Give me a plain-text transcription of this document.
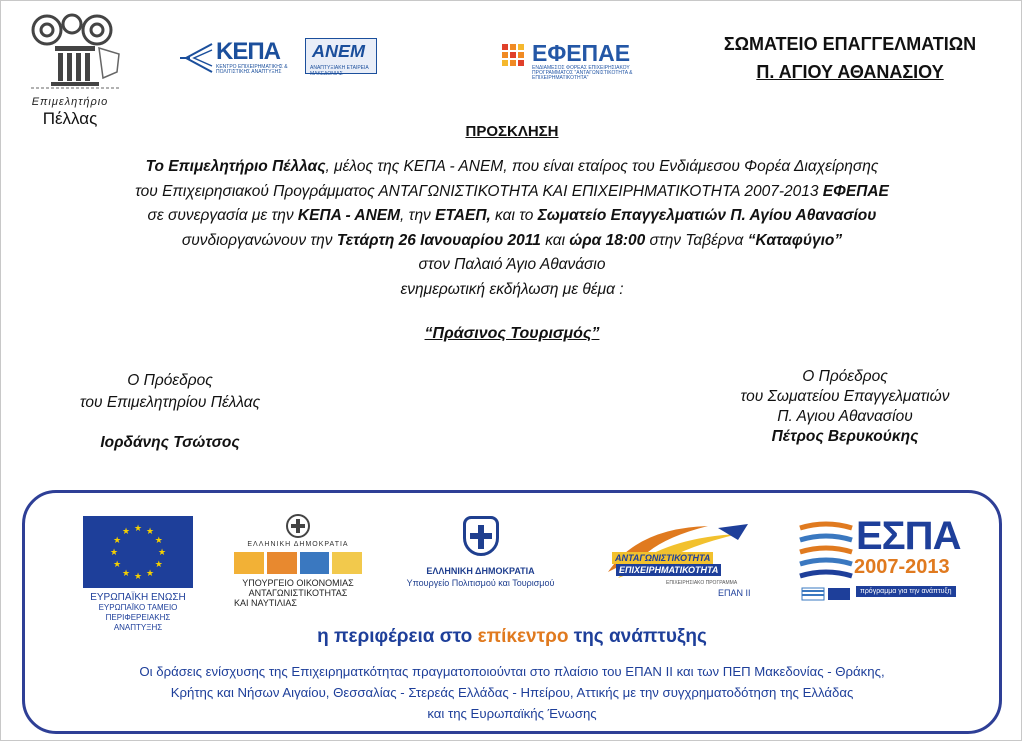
Επιμελητήριο
Πέλλας
ΚΕΠΑ
ΚΕΝΤΡΟ ΕΠΙΧΕΙΡΗΜΑΤΙΚΗΣ & ΠΟΛΙΤΙΣΤΙΚΗΣ ΑΝΑΠΤΥΞΗΣ
ΑΝΕΜ
ΑΝΑΠΤΥΞΙΑΚΗ ΕΤΑΙΡΕΙΑ ΜΑΚΕΔΟΝΙΑΣ
ΕΦΕΠΑΕ
ΕΝΔΙΑΜΕΣΟΣ ΦΟΡΕΑΣ ΕΠΙΧΕΙΡΗΣΙΑΚΟΥ ΠΡΟΓΡΑΜΜΑΤΟΣ "ΑΝΤΑΓΩΝΙΣΤΙΚΟΤΗΤΑ & ΕΠΙΧΕΙΡΗΜΑΤΙΚΟΤΗΤΑ"
ΣΩΜΑΤΕΙΟ ΕΠΑΓΓΕΛΜΑΤΙΩΝ
Π. ΑΓΙΟΥ ΑΘΑΝΑΣΙΟΥ
ΠΡΟΣΚΛΗΣΗ
Το Επιμελητήριο Πέλλας, μέλος της ΚΕΠΑ - ΑΝΕΜ, που είναι εταίρος του Ενδιάμεσου Φορέα Διαχείρησης
του Επιχειρησιακού Προγράμματος ΑΝΤΑΓΩΝΙΣΤΙΚΟΤΗΤΑ ΚΑΙ ΕΠΙΧΕΙΡΗΜΑΤΙΚΟΤΗΤΑ 2007-2013 ΕΦΕΠΑΕ
σε συνεργασία με την ΚΕΠΑ - ΑΝΕΜ, την ΕΤΑΕΠ, και το Σωματείο Επαγγελματιών Π. Αγίου Αθανασίου
συνδιοργανώνουν την Τετάρτη 26 Ιανουαρίου 2011 και ώρα 18:00 στην Ταβέρνα “Καταφύγιο”
στον Παλαιό Άγιο Αθανάσιο
ενημερωτική εκδήλωση με θέμα :
“Πράσινος Τουρισμός”
Ο Πρόεδρος
του Επιμελητηρίου Πέλλας
Ιορδάνης Τσώτσος
Ο Πρόεδρος
του Σωματείου Επαγγελματιών
Π. Αγιου Αθανασίου
Πέτρος Βερυκούκης
★ ★
★
★
★
★
★
★
★
★
★
★
ΕΥΡΩΠΑΪΚΗ ΕΝΩΣΗ
ΕΥΡΩΠΑΪΚΟ ΤΑΜΕΙΟ
ΠΕΡΙΦΕΡΕΙΑΚΗΣ ΑΝΑΠΤΥΞΗΣ
ΕΛΛΗΝΙΚΗ ΔΗΜΟΚΡΑΤΙΑ
ΥΠΟΥΡΓΕΙΟ ΟΙΚΟΝΟΜΙΑΣ
ΑΝΤΑΓΩΝΙΣΤΙΚΟΤΗΤΑΣ
ΚΑΙ ΝΑΥΤΙΛΙΑΣ
ΕΛΛΗΝΙΚΗ ΔΗΜΟΚΡΑΤΙΑ
Υπουργείο Πολιτισμού και Τουρισμού
ΑΝΤΑΓΩΝΙΣΤΙΚΟΤΗΤΑ
ΕΠΙΧΕΙΡΗΜΑΤΙΚΟΤΗΤΑ
ΕΠΙΧΕΙΡΗΣΙΑΚΟ ΠΡΟΓΡΑΜΜΑ
ΕΠΑΝ ΙΙ
ΕΣΠΑ
2007-2013
πρόγραμμα για την ανάπτυξη
η περιφέρεια στο επίκεντρο της ανάπτυξης
Οι δράσεις ενίσχυσης της Επιχειρηματκότητας πραγματοποιούνται στο πλαίσιο του ΕΠΑΝ ΙΙ και των ΠΕΠ Μακεδονίας - Θράκης,
Κρήτης και Νήσων Αιγαίου, Θεσσαλίας - Στερεάς Ελλάδας - Ηπείρου, Αττικής με την συγχρηματοδότηση της Ελλάδας
και της Ευρωπαϊκής Ένωσης
